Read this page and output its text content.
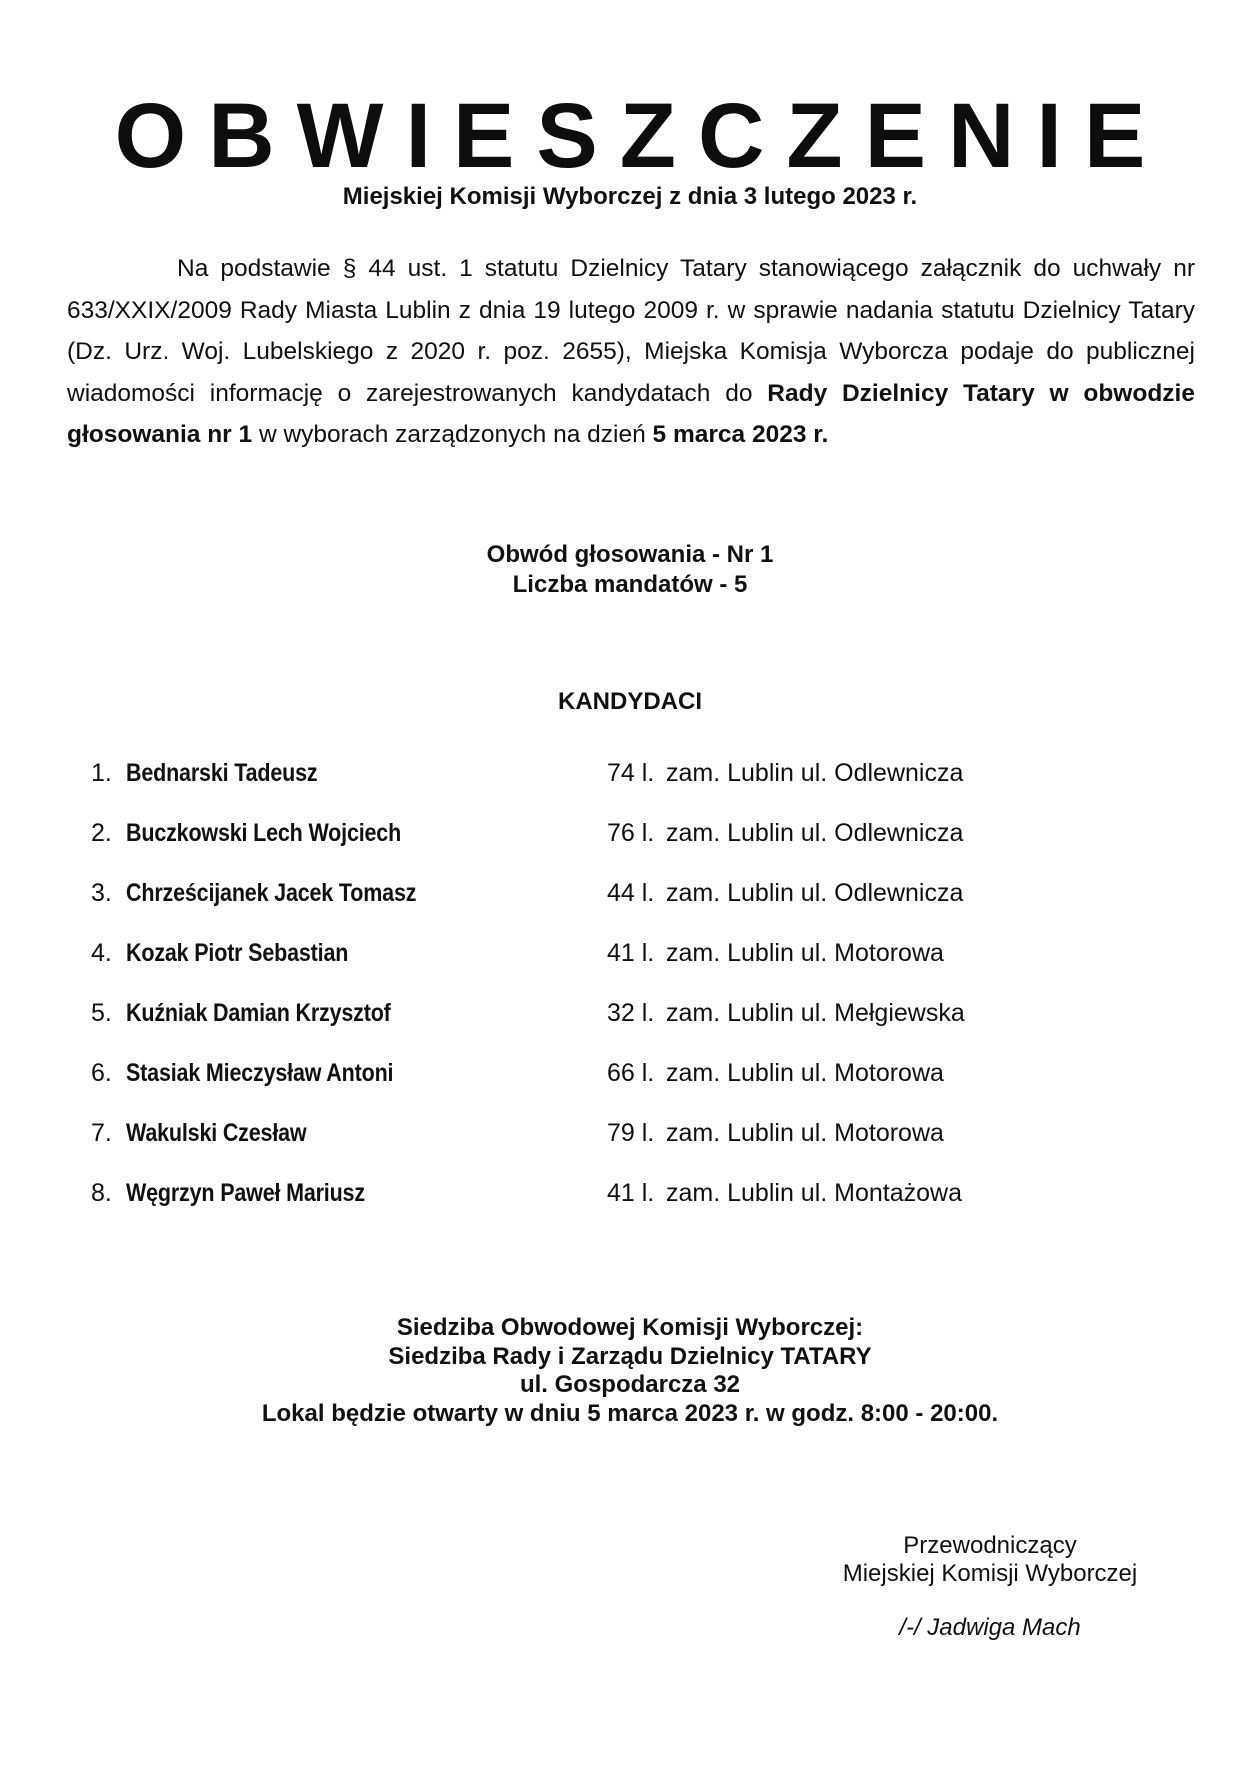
OBWIESZCZENIE
Miejskiej Komisji Wyborczej z dnia 3 lutego 2023 r.

Na podstawie § 44 ust. 1 statutu Dzielnicy Tatary stanowiącego załącznik do uchwały nr 633/XXIX/2009 Rady Miasta Lublin z dnia 19 lutego 2009 r. w sprawie nadania statutu Dzielnicy Tatary (Dz. Urz. Woj. Lubelskiego z 2020 r. poz. 2655), Miejska Komisja Wyborcza podaje do publicznej wiadomości informację o zarejestrowanych kandydatach do Rady Dzielnicy Tatary w obwodzie głosowania nr 1 w wyborach zarządzonych na dzień 5 marca 2023 r.

Obwód głosowania - Nr 1
Liczba mandatów - 5
KANDYDACI
1. Bednarski Tadeusz	74 l. zam. Lublin ul. Odlewnicza
2. Buczkowski Lech Wojciech	76 l. zam. Lublin ul. Odlewnicza
3. Chrześcijanek Jacek Tomasz	44 l. zam. Lublin ul. Odlewnicza
4. Kozak Piotr Sebastian	41 l. zam. Lublin ul. Motorowa
5. Kuźniak Damian Krzysztof	32 l. zam. Lublin ul. Mełgiewska
6. Stasiak Mieczysław Antoni	66 l. zam. Lublin ul. Motorowa
7. Wakulski Czesław	79 l. zam. Lublin ul. Motorowa
8. Węgrzyn Paweł Mariusz	41 l. zam. Lublin ul. Montażowa
Siedziba Obwodowej Komisji Wyborczej:
Siedziba Rady i Zarządu Dzielnicy TATARY
ul. Gospodarcza 32
Lokal będzie otwarty w dniu 5 marca 2023 r. w godz. 8:00 - 20:00.
Przewodniczący
Miejskiej Komisji Wyborczej
/-/ Jadwiga Mach
